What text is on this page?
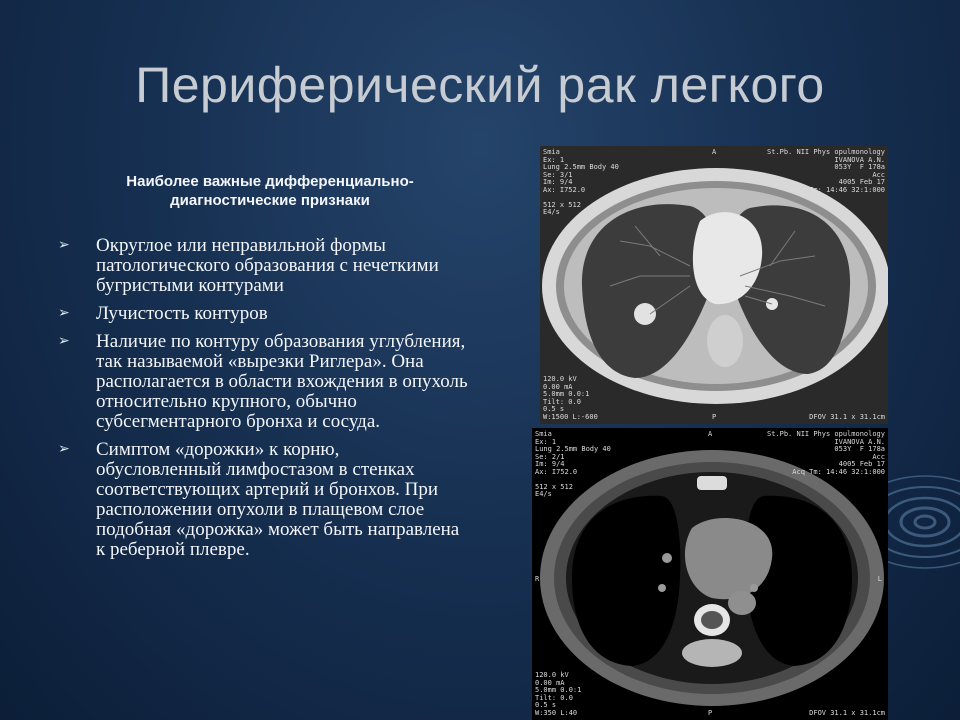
Периферический рак легкого
Наиболее важные дифференциально-диагностические признаки
➢ Округлое или неправильной формы патологического образования с нечеткими бугристыми контурами
➢ Лучистость контуров
➢ Наличие по контуру образования углубления, так называемой «вырезки Риглера». Она располагается в области вхождения в опухоль относительно крупного, обычно субсегментарного бронха и сосуда.
➢ Симптом «дорожки» к корню, обусловленный лимфостазом в стенках соответствующих артерий и бронхов. При расположении опухоли в плащевом слое подобная «дорожка» может быть направлена к реберной плевре.
Smia
Ex: 1
Lung 2.5mm Body 40
Se: 3/1
Im: 9/4
Ax: I752.0

512 x 512
E4/s
A	St.Pb. NII Phys opulmonology
IVANOVA A.N.
053Y  F 178a
Acc
4005 Feb 17
Acq Tm: 14:46 32:1:000
R	L
120.0 kV
0.00 mA
5.0mm 0.0:1
Tilt: 0.0
0.5 s
W:1500 L:-600	P	DFOV 31.1 x 31.1cm
Smia
Ex: 1
Lung 2.5mm Body 40
Se: 2/1
Im: 9/4
Ax: I752.0

512 x 512
E4/s
A	St.Pb. NII Phys opulmonology
IVANOVA A.N.
053Y  F 178a
Acc
4005 Feb 17
Acq Tm: 14:46 32:1:000
R	L
120.0 kV
0.00 mA
5.0mm 0.0:1
Tilt: 0.0
0.5 s
W:350 L:40	P	DFOV 31.1 x 31.1cm
